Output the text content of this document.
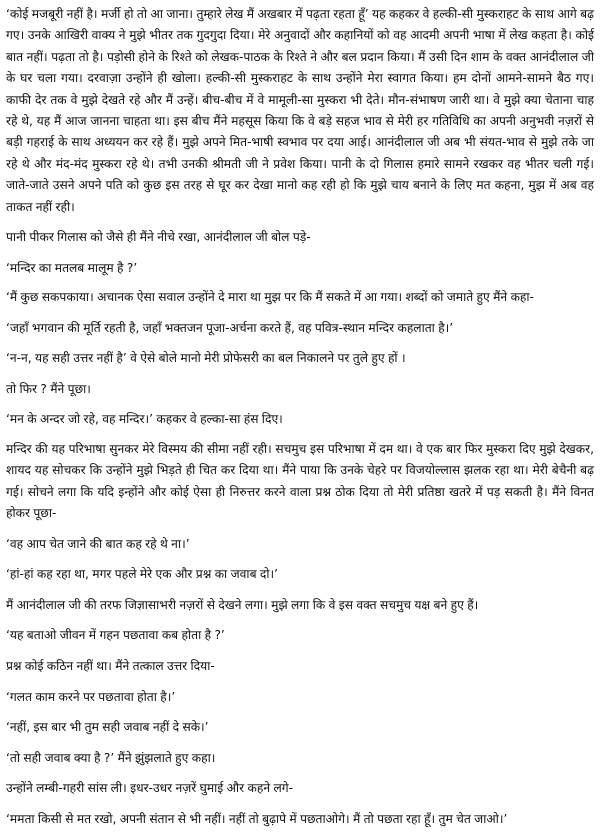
‘कोई मजबूरी नहीं है। मर्जी हो तो आ जाना। तुम्हारे लेख मैं अखबार में पढ़ता रहता हूँ’ यह कहकर वे हल्की-सी मुस्कराहट के साथ आगे बढ़ गए। उनके आखिरी वाक्य ने मुझे भीतर तक गुदगुदा दिया। मेरे अनुवादों और कहानियों को वह आदमी अपनी भाषा में लेख कहता है। कोई बात नहीं। पढ़ता तो है। पड़ोसी होने के रिश्ते को लेखक-पाठक के रिश्ते ने और बल प्रदान किया। मैं उसी दिन शाम के वक्त आनंदीलाल जी के घर चला गया। दरवाज़ा उन्होंने ही खोला। हल्की-सी मुस्कराहट के साथ उन्होंने मेरा स्वागत किया। हम दोनों आमने-सामने बैठ गए। काफी देर तक वे मुझे देखते रहे और मैं उन्हें। बीच-बीच में वे मामूली-सा मुस्करा भी देते। मौन-संभाषण जारी था। वे मुझे क्या चेताना चाह रहे थे, यह मैं आज जानना चाहता था। इस बीच मैंने महसूस किया कि वे बड़े सहज भाव से मेरी हर गतिविधि का अपनी अनुभवी नज़रों से बड़ी गहराई के साथ अध्ययन कर रहे हैं। मुझे अपने मित-भाषी स्वभाव पर दया आई। आनंदीलाल जी अब भी संयत-भाव से मुझे तके जा रहे थे और मंद-मंद मुस्करा रहे थे। तभी उनकी श्रीमती जी ने प्रवेश किया। पानी के दो गिलास हमारे सामने रखकर वह भीतर चली गई। जाते-जाते उसने अपने पति को कुछ इस तरह से घूर कर देखा मानो कह रही हो कि मुझे चाय बनाने के लिए मत कहना, मुझ में अब वह ताकत नहीं रही।

पानी पीकर गिलास को जैसे ही मैंने नीचे रखा, आनंदीलाल जी बोल पड़े-

‘मन्दिर का मतलब मालूम है ?’

‘मैं कुछ सकपकाया। अचानक ऐसा सवाल उन्होंने दे मारा था मुझ पर कि मैं सकते में आ गया। शब्दों को जमाते हुए मैंने कहा-

‘जहाँ भगवान की मूर्ति रहती है, जहाँ भक्तजन पूजा-अर्चना करते हैं, वह पवित्र-स्थान मन्दिर कहलाता है।’

‘न-न, यह सही उत्तर नहीं है’ वे ऐसे बोले मानो मेरी प्रोफेसरी का बल निकालने पर तुले हुए हों ।

तो फिर ? मैंने पूछा।

‘मन के अन्दर जो रहे, वह मन्दिर।’ कहकर वे हल्का-सा हंस दिए।

मन्दिर की यह परिभाषा सुनकर मेरे विस्मय की सीमा नहीं रही। सचमुच इस परिभाषा में दम था। वे एक बार फिर मुस्करा दिए मुझे देखकर, शायद यह सोचकर कि उन्होंने मुझे भिड़ते ही चित कर दिया था। मैंने पाया कि उनके चेहरे पर विजयोल्लास झलक रहा था। मेरी बेचैनी बढ़ गई। सोचने लगा कि यदि इन्होंने और कोई ऐसा ही निरुत्तर करने वाला प्रश्न ठोक दिया तो मेरी प्रतिष्ठा खतरे में पड़ सकती है। मैंने विनत होकर पूछा-

‘वह आप चेत जाने की बात कह रहे थे ना।’

‘हां-हां कह रहा था, मगर पहले मेरे एक और प्रश्न का जवाब दो।’

मैं आनंदीलाल जी की तरफ जिज्ञासाभरी नज़रों से देखने लगा। मुझे लगा कि वे इस वक्त सचमुच यक्ष बने हुए हैं।

‘यह बताओ जीवन में गहन पछतावा कब होता है ?’

प्रश्न कोई कठिन नहीं था। मैंने तत्काल उत्तर दिया-

‘गलत काम करने पर पछतावा होता है।’

‘नहीं, इस बार भी तुम सही जवाब नहीं दे सके।’

‘तो सही जवाब क्या है ?’ मैंने झुंझलाते हुए कहा।

उन्होंने लम्बी-गहरी सांस ली। इधर-उधर नज़रें घुमाई और कहने लगे-

‘ममता किसी से मत रखो, अपनी संतान से भी नहीं। नहीं तो बुढ़ापे में पछताओगे। मैं तो पछता रहा हूँ। तुम चेत जाओ।’
